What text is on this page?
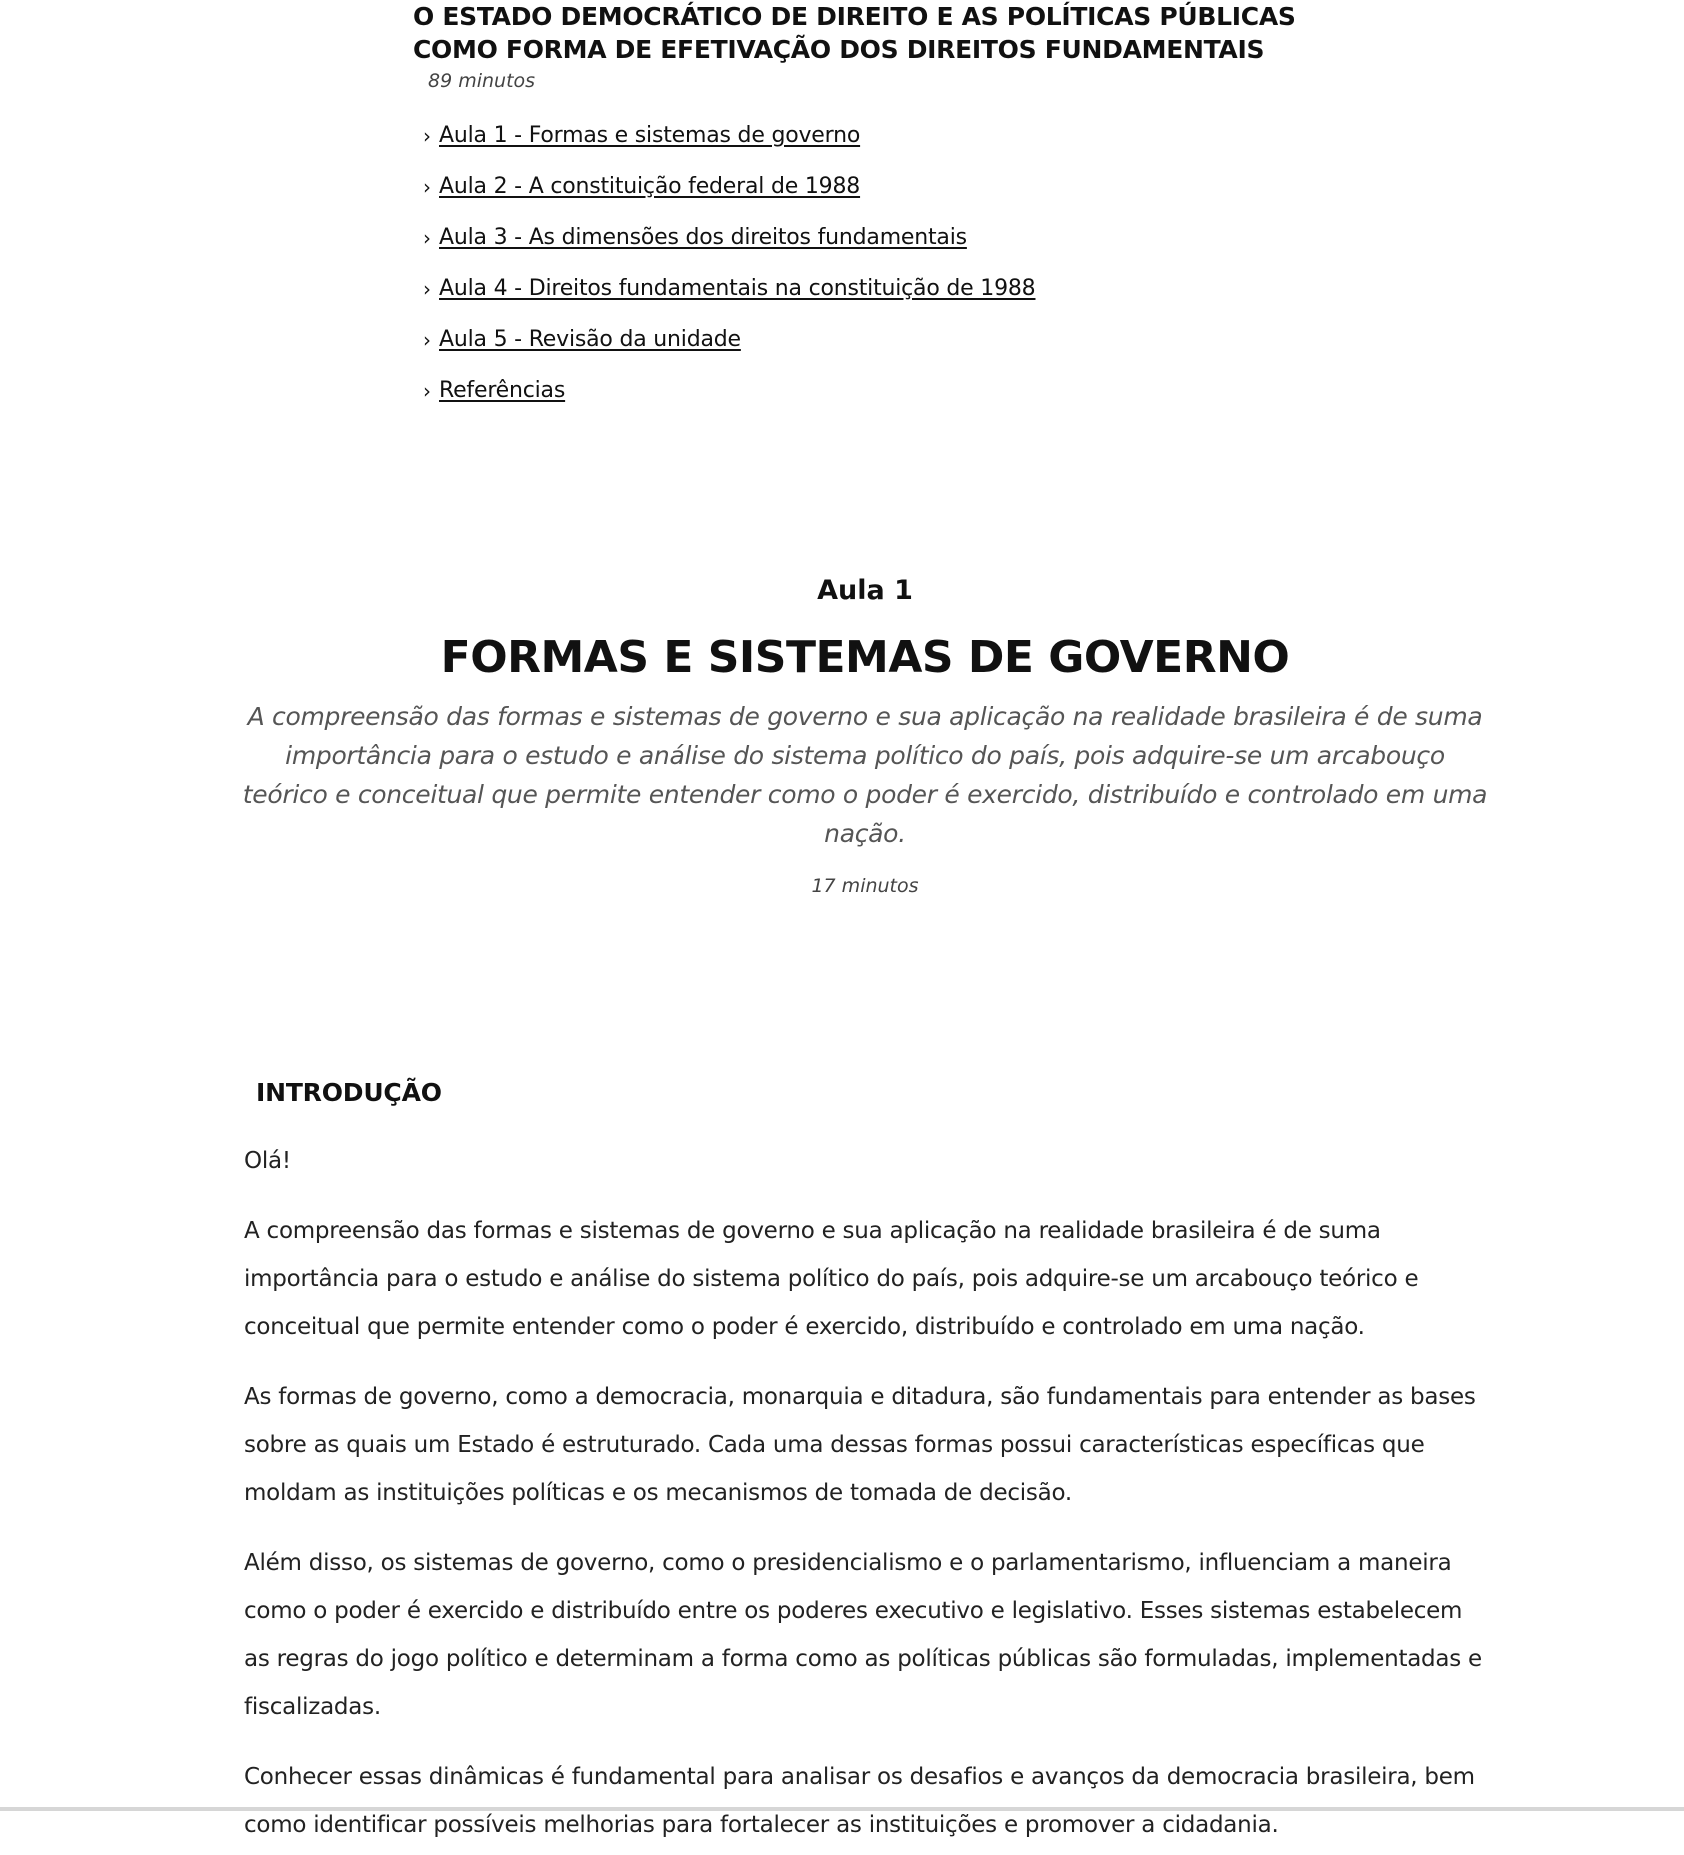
O ESTADO DEMOCRÁTICO DE DIREITO E AS POLÍTICAS PÚBLICAS
COMO FORMA DE EFETIVAÇÃO DOS DIREITOS FUNDAMENTAIS
89 minutos
› Aula 1 - Formas e sistemas de governo
› Aula 2 - A constituição federal de 1988
› Aula 3 - As dimensões dos direitos fundamentais
› Aula 4 - Direitos fundamentais na constituição de 1988
› Aula 5 - Revisão da unidade
› Referências
Aula 1
FORMAS E SISTEMAS DE GOVERNO

A compreensão das formas e sistemas de governo e sua aplicação na realidade brasileira é de suma importância para o estudo e análise do sistema político do país, pois adquire-se um arcabouço teórico e conceitual que permite entender como o poder é exercido, distribuído e controlado em uma nação.

17 minutos
INTRODUÇÃO

Olá!

A compreensão das formas e sistemas de governo e sua aplicação na realidade brasileira é de suma importância para o estudo e análise do sistema político do país, pois adquire-se um arcabouço teórico e conceitual que permite entender como o poder é exercido, distribuído e controlado em uma nação.

As formas de governo, como a democracia, monarquia e ditadura, são fundamentais para entender as bases sobre as quais um Estado é estruturado. Cada uma dessas formas possui características específicas que moldam as instituições políticas e os mecanismos de tomada de decisão.

Além disso, os sistemas de governo, como o presidencialismo e o parlamentarismo, influenciam a maneira como o poder é exercido e distribuído entre os poderes executivo e legislativo. Esses sistemas estabelecem as regras do jogo político e determinam a forma como as políticas públicas são formuladas, implementadas e fiscalizadas.

Conhecer essas dinâmicas é fundamental para analisar os desafios e avanços da democracia brasileira, bem como identificar possíveis melhorias para fortalecer as instituições e promover a cidadania.
